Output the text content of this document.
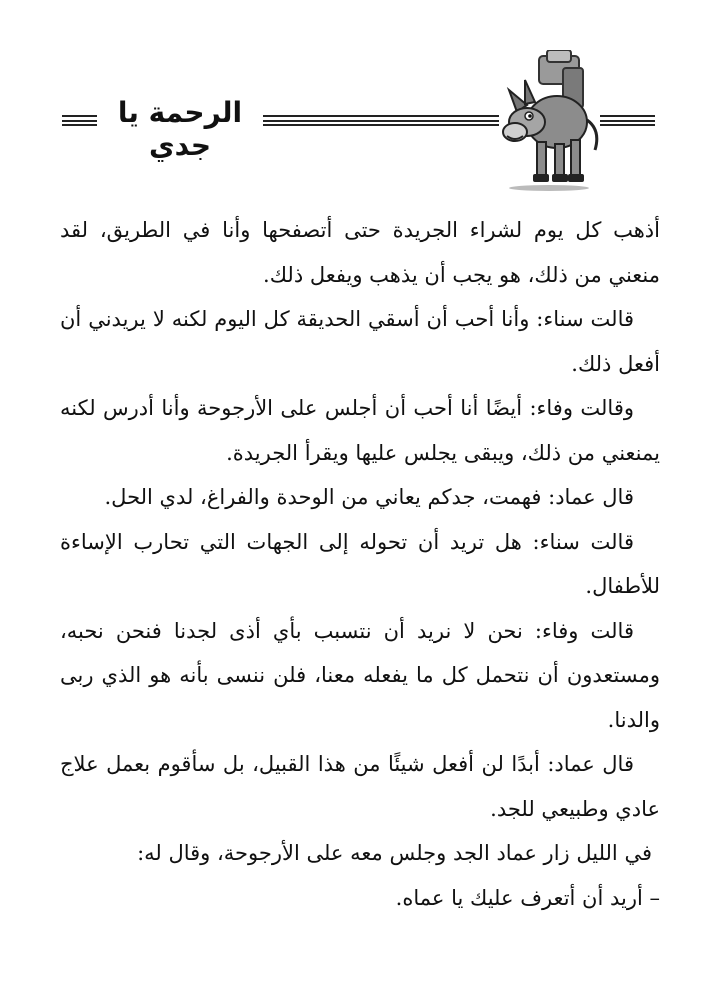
الرحمة يا جدي

أذهب كل يوم لشراء الجريدة حتى أتصفحها وأنا في الطريق، لقد منعني من ذلك، هو يجب أن يذهب ويفعل ذلك.

قالت سناء: وأنا أحب أن أسقي الحديقة كل اليوم لكنه لا يريدني أن أفعل ذلك.

وقالت وفاء: أيضًا أنا أحب أن أجلس على الأرجوحة وأنا أدرس لكنه يمنعني من ذلك، ويبقى يجلس عليها ويقرأ الجريدة.

قال عماد: فهمت، جدكم يعاني من الوحدة والفراغ، لدي الحل.

قالت سناء: هل تريد أن تحوله إلى الجهات التي تحارب الإساءة للأطفال.

قالت وفاء: نحن لا نريد أن نتسبب بأي أذى لجدنا فنحن نحبه، ومستعدون أن نتحمل كل ما يفعله معنا، فلن ننسى بأنه هو الذي ربى والدنا.

قال عماد: أبدًا لن أفعل شيئًا من هذا القبيل، بل سأقوم بعمل علاج عادي وطبيعي للجد.

في الليل زار عماد الجد وجلس معه على الأرجوحة، وقال له:

– أريد أن أتعرف عليك يا عماه.
